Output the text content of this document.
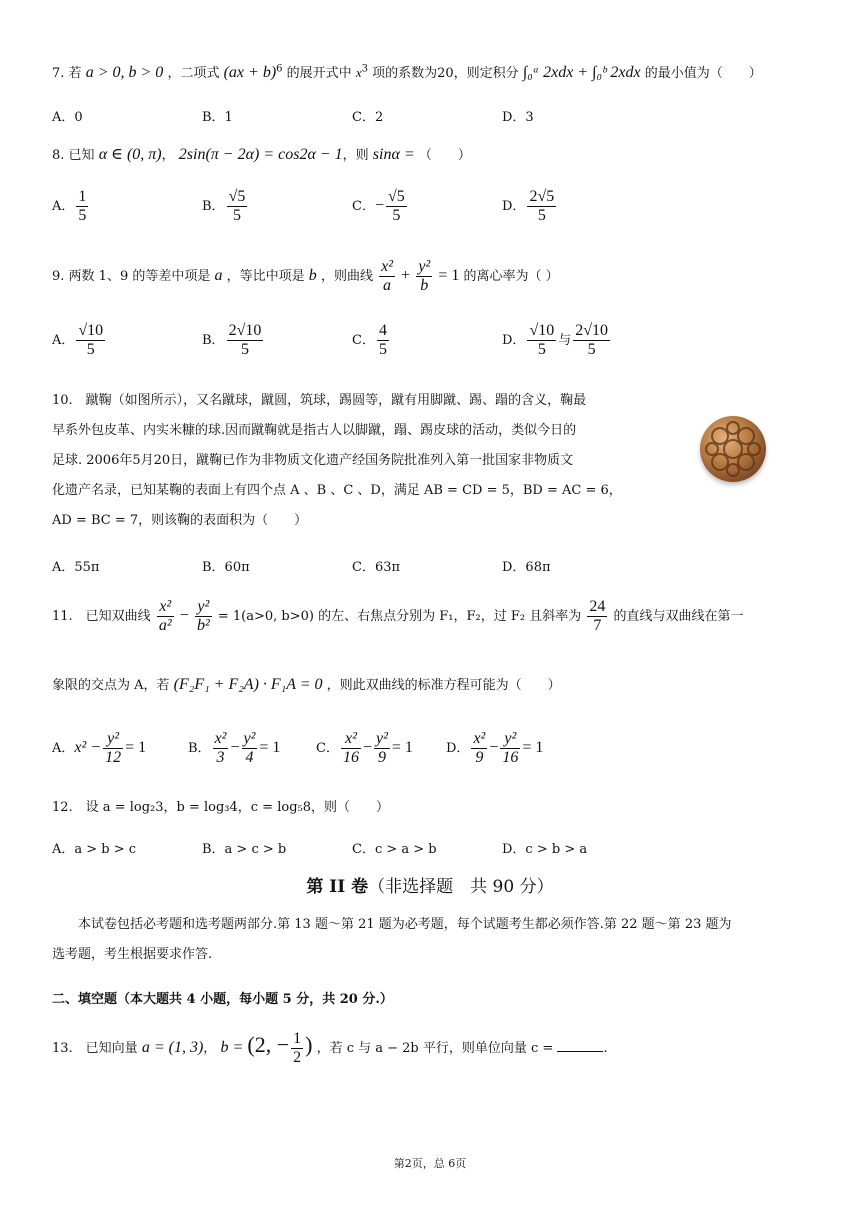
7. 若 a > 0, b > 0 ，二项式 (ax + b)$^6$ 的展开式中 $x^3$ 项的系数为20，则定积分 ∫₀ᵃ 2xdx + ∫₀ᵇ 2xdx 的最小值为（　　）
A．0	B．1	C．2	D．3
8. 已知 α ∈ (0, π)， 2sin(π − 2α) = cos2α − 1，则 sinα = （　　）
A． $\frac{1}{5}$	B． $\frac{√5}{5}$	C．− $\frac{√5}{5}$	D． $\frac{2√5}{5}$
9. 两数 1、9 的等差中项是 a ，等比中项是 b ，则曲线 $\frac{\text{x²}}{a} + \frac{\text{y²}}{b} = 1$ 的离心率为（ ）
A． $\frac{√10}{5}$	B． $\frac{2√10}{5}$	C． $\frac{4}{5}$	D． $\frac{√10}{5}$ 与 $\frac{2√10}{5}$
10.　蹴鞠（如图所示），又名蹴球，蹴圆，筑球，踢圆等，蹴有用脚蹴、踢、蹋的含义，鞠最
早系外包皮革、内实米糠的球.因而蹴鞠就是指古人以脚蹴，蹋、踢皮球的活动，类似今日的
足球. 2006年5月20日，蹴鞠已作为非物质文化遗产经国务院批准列入第一批国家非物质文
化遗产名录，已知某鞠的表面上有四个点 A 、B 、C 、D，满足 AB = CD = 5，BD = AC = 6，
AD = BC = 7，则该鞠的表面积为（　　）
A．55π	B．60π	C．63π	D．68π
11.　已知双曲线 $\frac{\text{x²}}{\text{a²}} - \frac{\text{y²}}{\text{b²}} = 1(a>0$, b>0) 的左、右焦点分别为 F₁，F₂，过 F₂ 且斜率为 $\frac{24}{7}$ 的直线与双曲线在第一
象限的交点为 A，若 (F₂F₁ + F₂A) · F₁A = 0 ，则此双曲线的标准方程可能为（　　）
A．$x^2 - \frac{\text{y²}}{12} = 1$	B． $\frac{\text{x²}}{3} - \frac{\text{y²}}{4} = 1$	C． $\frac{\text{x²}}{16} - \frac{\text{y²}}{9} = 1$	D． $\frac{\text{x²}}{9} - \frac{\text{y²}}{16} = 1$
12.　设 a = log₂3，b = log₃4，c = log₅8，则（　　）
A．a > b > c	B．a > c > b	C．c > a > b	D．c > b > a
第 II 卷（非选择题　共 90 分）
本试卷包括必考题和选考题两部分.第 13 题～第 21 题为必考题，每个试题考生都必须作答.第 22 题～第 23 题为
选考题，考生根据要求作答.
二、填空题（本大题共 4 小题，每小题 5 分，共 20 分.）
13.　已知向量 a = (1, 3)， b = (2, − $\frac{1}{2}$ ) ，若 c 与 a − 2b 平行，则单位向量 c =	.
第2页，总 6页
